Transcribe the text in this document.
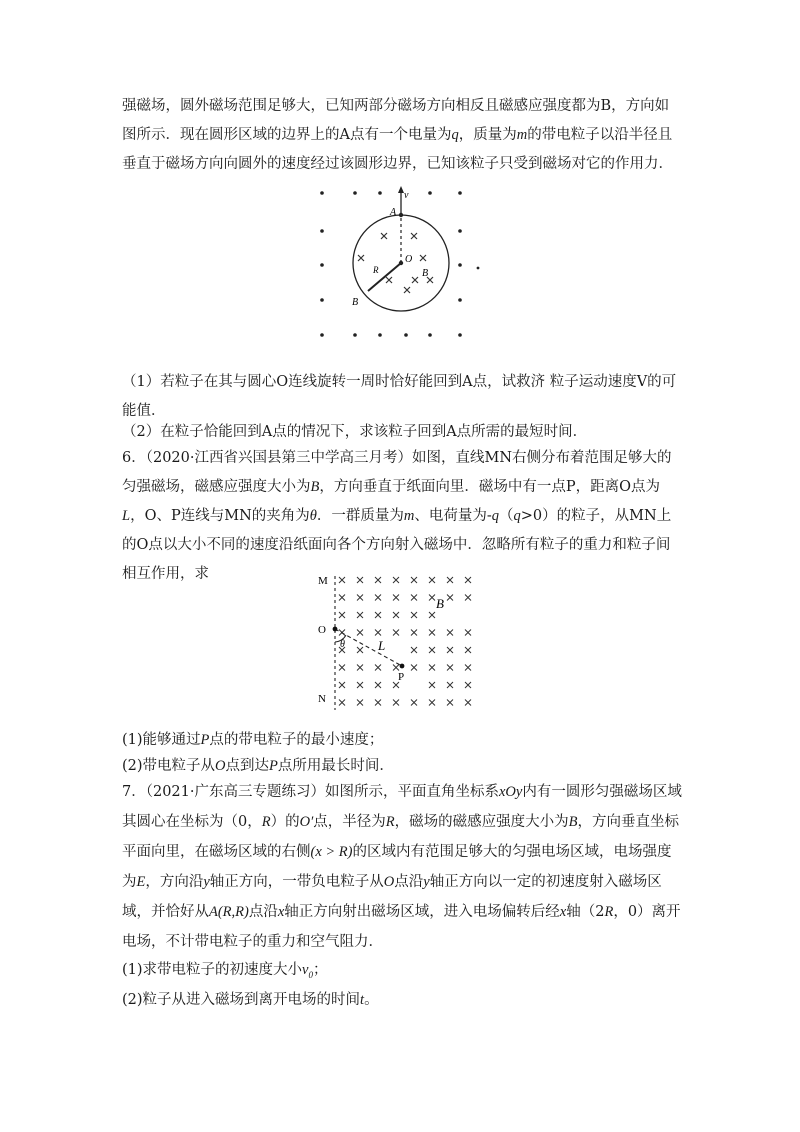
强磁场，圆外磁场范围足够大，已知两部分磁场方向相反且磁感应强度都为B，方向如图所示．现在圆形区域的边界上的A点有一个电量为q，质量为m的带电粒子以沿半径且垂直于磁场方向向圆外的速度经过该圆形边界，已知该粒子只受到磁场对它的作用力．

v
A
O
R	B
B

（1）若粒子在其与圆心O连线旋转一周时恰好能回到A点，试救济 粒子运动速度V的可能值．

（2）在粒子恰能回到A点的情况下，求该粒子回到A点所需的最短时间．

6．（2020·江西省兴国县第三中学高三月考）如图，直线MN右侧分布着范围足够大的匀强磁场，磁感应强度大小为B，方向垂直于纸面向里．磁场中有一点P，距离O点为L，O、P连线与MN的夹角为θ．一群质量为m、电荷量为-q（q>0）的粒子，从MN上的O点以大小不同的速度沿纸面向各个方向射入磁场中．忽略所有粒子的重力和粒子间相互作用，求	M
O
N
P
B
L
θ

(1)能够通过P点的带电粒子的最小速度；

(2)带电粒子从O点到达P点所用最长时间．

7．（2021·广东高三专题练习）如图所示，平面直角坐标系xOy内有一圆形匀强磁场区域其圆心在坐标为（0，R）的O′点，半径为R，磁场的磁感应强度大小为B，方向垂直坐标平面向里，在磁场区域的右侧(x > R)的区域内有范围足够大的匀强电场区域，电场强度为E，方向沿y轴正方向，一带负电粒子从O点沿y轴正方向以一定的初速度射入磁场区域，并恰好从A(R,R)点沿x轴正方向射出磁场区域，进入电场偏转后经x轴（2R，0）离开电场，不计带电粒子的重力和空气阻力．

(1)求带电粒子的初速度大小$v_0$；

(2)粒子从进入磁场到离开电场的时间t。
